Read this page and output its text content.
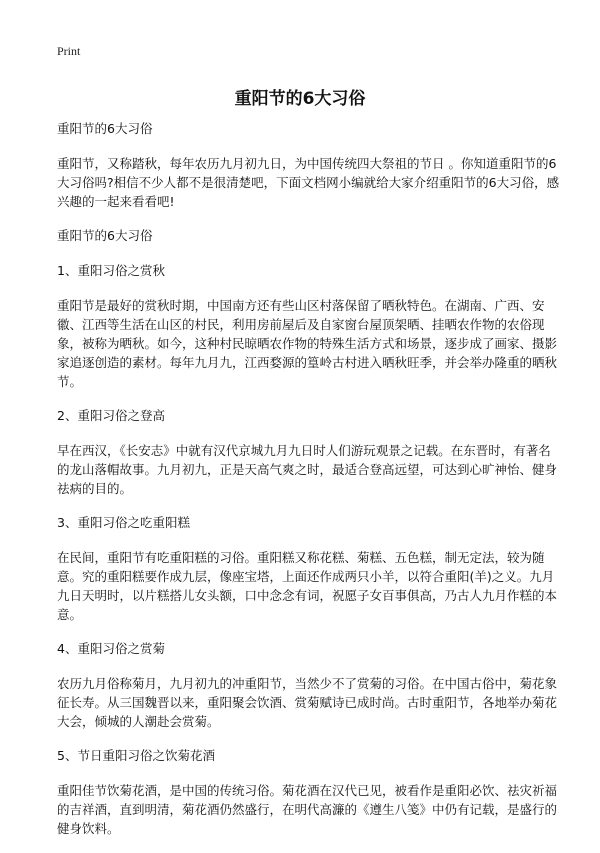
Print
重阳节的6大习俗

重阳节的6大习俗

重阳节，又称踏秋，每年农历九月初九日，为中国传统四大祭祖的节日 。你知道重阳节的6大习俗吗?相信不少人都不是很清楚吧，下面文档网小编就给大家介绍重阳节的6大习俗，感兴趣的一起来看看吧!

重阳节的6大习俗

1、重阳习俗之赏秋

重阳节是最好的赏秋时期，中国南方还有些山区村落保留了晒秋特色。在湖南、广西、安徽、江西等生活在山区的村民，利用房前屋后及自家窗台屋顶架晒、挂晒农作物的农俗现象，被称为晒秋。如今，这种村民晾晒农作物的特殊生活方式和场景，逐步成了画家、摄影家追逐创造的素材。每年九月九，江西婺源的篁岭古村进入晒秋旺季，并会举办隆重的晒秋节。

2、重阳习俗之登高

早在西汉，《长安志》中就有汉代京城九月九日时人们游玩观景之记载。在东晋时，有著名的龙山落帽故事。九月初九，正是天高气爽之时，最适合登高远望，可达到心旷神怡、健身祛病的目的。

3、重阳习俗之吃重阳糕

在民间，重阳节有吃重阳糕的习俗。重阳糕又称花糕、菊糕、五色糕，制无定法，较为随意。究的重阳糕要作成九层，像座宝塔，上面还作成两只小羊，以符合重阳(羊)之义。九月九日天明时，以片糕搭儿女头额，口中念念有词，祝愿子女百事俱高，乃古人九月作糕的本意。

4、重阳习俗之赏菊

农历九月俗称菊月，九月初九的冲重阳节，当然少不了赏菊的习俗。在中国古俗中，菊花象征长寿。从三国魏晋以来，重阳聚会饮酒、赏菊赋诗已成时尚。古时重阳节，各地举办菊花大会，倾城的人潮赴会赏菊。

5、节日重阳习俗之饮菊花酒

重阳佳节饮菊花酒，是中国的传统习俗。菊花酒在汉代已见，被看作是重阳必饮、祛灾祈福的吉祥酒，直到明清，菊花酒仍然盛行，在明代高濂的《遵生八笺》中仍有记载，是盛行的健身饮料。
